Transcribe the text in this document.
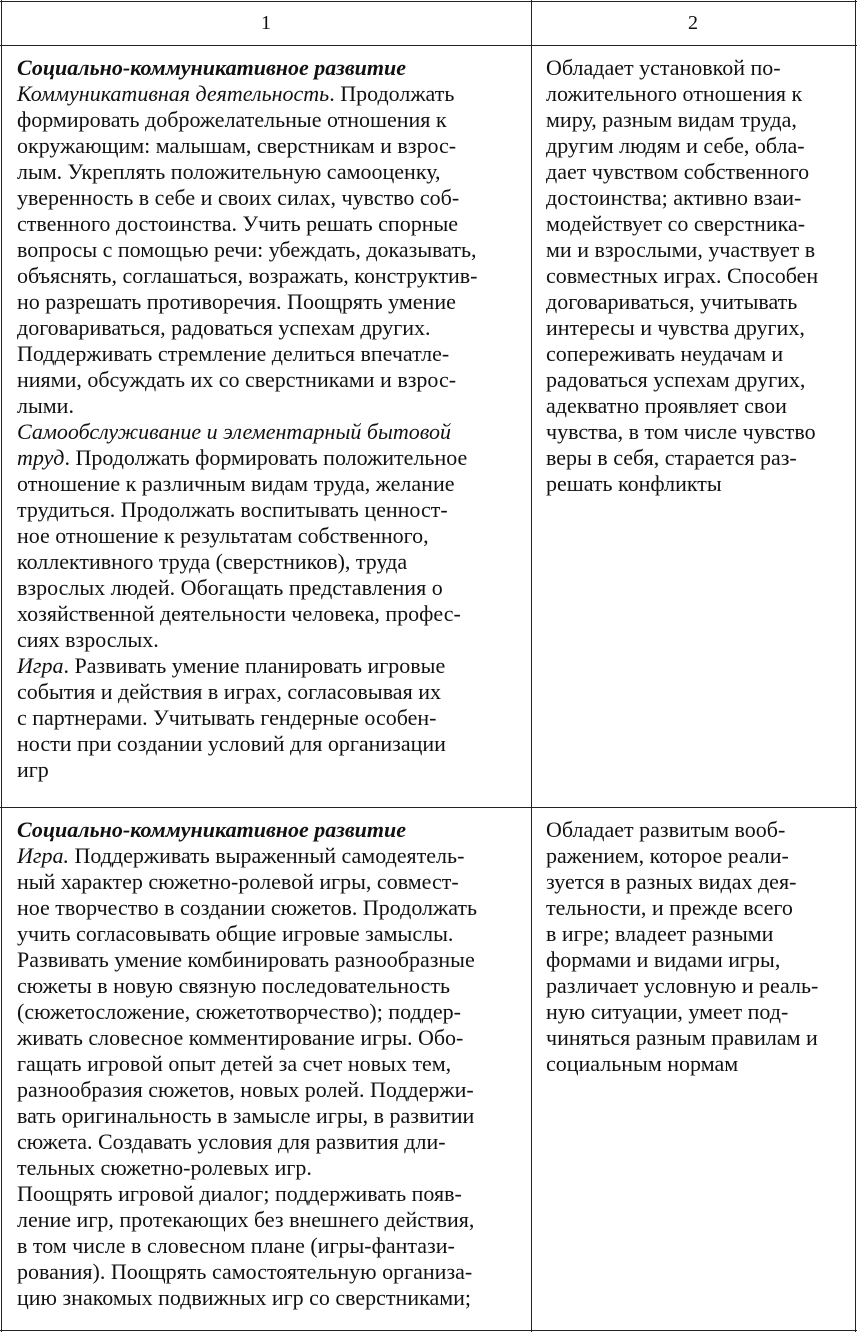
1	2
Социально-коммуникативное развитие
Коммуникативная деятельность. Продолжать
формировать доброжелательные отношения к
окружающим: малышам, сверстникам и взрос-
лым. Укреплять положительную самооценку,
уверенность в себе и своих силах, чувство соб-
ственного достоинства. Учить решать спорные
вопросы с помощью речи: убеждать, доказывать,
объяснять, соглашаться, возражать, конструктив-
но разрешать противоречия. Поощрять умение
договариваться, радоваться успехам других.
Поддерживать стремление делиться впечатле-
ниями, обсуждать их со сверстниками и взрос-
лыми.
Самообслуживание и элементарный бытовой
труд. Продолжать формировать положительное
отношение к различным видам труда, желание
трудиться. Продолжать воспитывать ценност-
ное отношение к результатам собственного,
коллективного труда (сверстников), труда
взрослых людей. Обогащать представления о
хозяйственной деятельности человека, профес-
сиях взрослых.
Игра. Развивать умение планировать игровые
события и действия в играх, согласовывая их
с партнерами. Учитывать гендерные особен-
ности при создании условий для организации
игр
Обладает установкой по-
ложительного отношения к
миру, разным видам труда,
другим людям и себе, обла-
дает чувством собственного
достоинства; активно взаи-
модействует со сверстника-
ми и взрослыми, участвует в
совместных играх. Способен
договариваться, учитывать
интересы и чувства других,
сопереживать неудачам и
радоваться успехам других,
адекватно проявляет свои
чувства, в том числе чувство
веры в себя, старается раз-
решать конфликты
Социально-коммуникативное развитие
Игра. Поддерживать выраженный самодеятель-
ный характер сюжетно-ролевой игры, совмест-
ное творчество в создании сюжетов. Продолжать
учить согласовывать общие игровые замыслы.
Развивать умение комбинировать разнообразные
сюжеты в новую связную последовательность
(сюжетосложение, сюжетотворчество); поддер-
живать словесное комментирование игры. Обо-
гащать игровой опыт детей за счет новых тем,
разнообразия сюжетов, новых ролей. Поддержи-
вать оригинальность в замысле игры, в развитии
сюжета. Создавать условия для развития дли-
тельных сюжетно-ролевых игр.
Поощрять игровой диалог; поддерживать появ-
ление игр, протекающих без внешнего действия,
в том числе в словесном плане (игры-фантази-
рования). Поощрять самостоятельную организа-
цию знакомых подвижных игр со сверстниками;
Обладает развитым вооб-
ражением, которое реали-
зуется в разных видах дея-
тельности, и прежде всего
в игре; владеет разными
формами и видами игры,
различает условную и реаль-
ную ситуации, умеет под-
чиняться разным правилам и
социальным нормам
